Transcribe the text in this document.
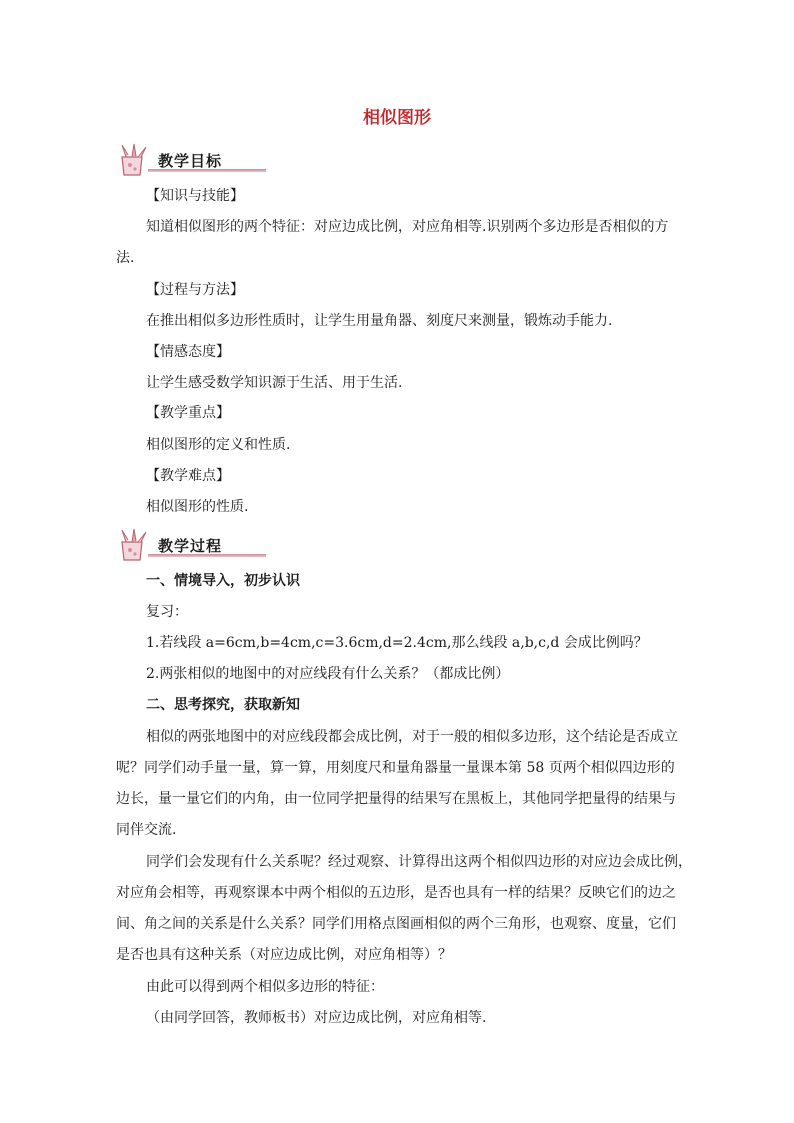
相似图形
教学目标
【知识与技能】
知道相似图形的两个特征：对应边成比例，对应角相等.识别两个多边形是否相似的方
法.
【过程与方法】
在推出相似多边形性质时，让学生用量角器、刻度尺来测量，锻炼动手能力.
【情感态度】
让学生感受数学知识源于生活、用于生活.
【教学重点】
相似图形的定义和性质.
【教学难点】
相似图形的性质.
教学过程
一、情境导入，初步认识
复习：
1.若线段 a=6cm,b=4cm,c=3.6cm,d=2.4cm,那么线段 a,b,c,d 会成比例吗？
2.两张相似的地图中的对应线段有什么关系？（都成比例）
二、思考探究，获取新知
相似的两张地图中的对应线段都会成比例，对于一般的相似多边形，这个结论是否成立
呢？同学们动手量一量，算一算，用刻度尺和量角器量一量课本第 58 页两个相似四边形的
边长，量一量它们的内角，由一位同学把量得的结果写在黑板上，其他同学把量得的结果与
同伴交流.
同学们会发现有什么关系呢？经过观察、计算得出这两个相似四边形的对应边会成比例，
对应角会相等，再观察课本中两个相似的五边形，是否也具有一样的结果？反映它们的边之
间、角之间的关系是什么关系？同学们用格点图画相似的两个三角形，也观察、度量，它们
是否也具有这种关系（对应边成比例，对应角相等）？
由此可以得到两个相似多边形的特征：
（由同学回答，教师板书）对应边成比例，对应角相等.
